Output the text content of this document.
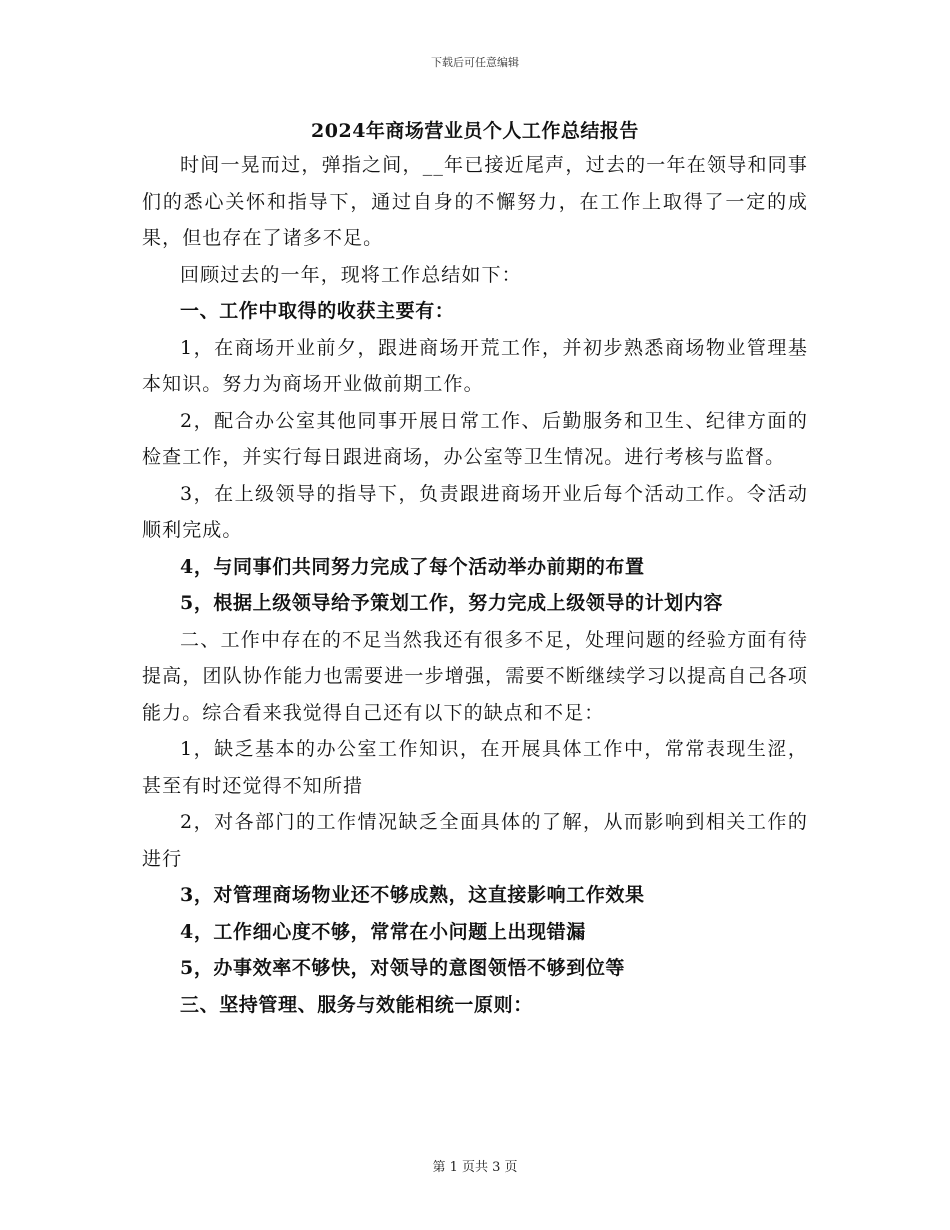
下载后可任意编辑
2024年商场营业员个人工作总结报告

时间一晃而过，弹指之间，__年已接近尾声，过去的一年在领导和同事们的悉心关怀和指导下，通过自身的不懈努力，在工作上取得了一定的成果，但也存在了诸多不足。

回顾过去的一年，现将工作总结如下：

一、工作中取得的收获主要有：

1，在商场开业前夕，跟进商场开荒工作，并初步熟悉商场物业管理基本知识。努力为商场开业做前期工作。

2，配合办公室其他同事开展日常工作、后勤服务和卫生、纪律方面的检查工作，并实行每日跟进商场，办公室等卫生情况。进行考核与监督。

3，在上级领导的指导下，负责跟进商场开业后每个活动工作。令活动顺利完成。

4，与同事们共同努力完成了每个活动举办前期的布置

5，根据上级领导给予策划工作，努力完成上级领导的计划内容

二、工作中存在的不足当然我还有很多不足，处理问题的经验方面有待提高，团队协作能力也需要进一步增强，需要不断继续学习以提高自己各项能力。综合看来我觉得自己还有以下的缺点和不足：

1，缺乏基本的办公室工作知识，在开展具体工作中，常常表现生涩，甚至有时还觉得不知所措

2，对各部门的工作情况缺乏全面具体的了解，从而影响到相关工作的进行

3，对管理商场物业还不够成熟，这直接影响工作效果

4，工作细心度不够，常常在小问题上出现错漏

5，办事效率不够快，对领导的意图领悟不够到位等

三、坚持管理、服务与效能相统一原则：

第 1 页共 3 页
